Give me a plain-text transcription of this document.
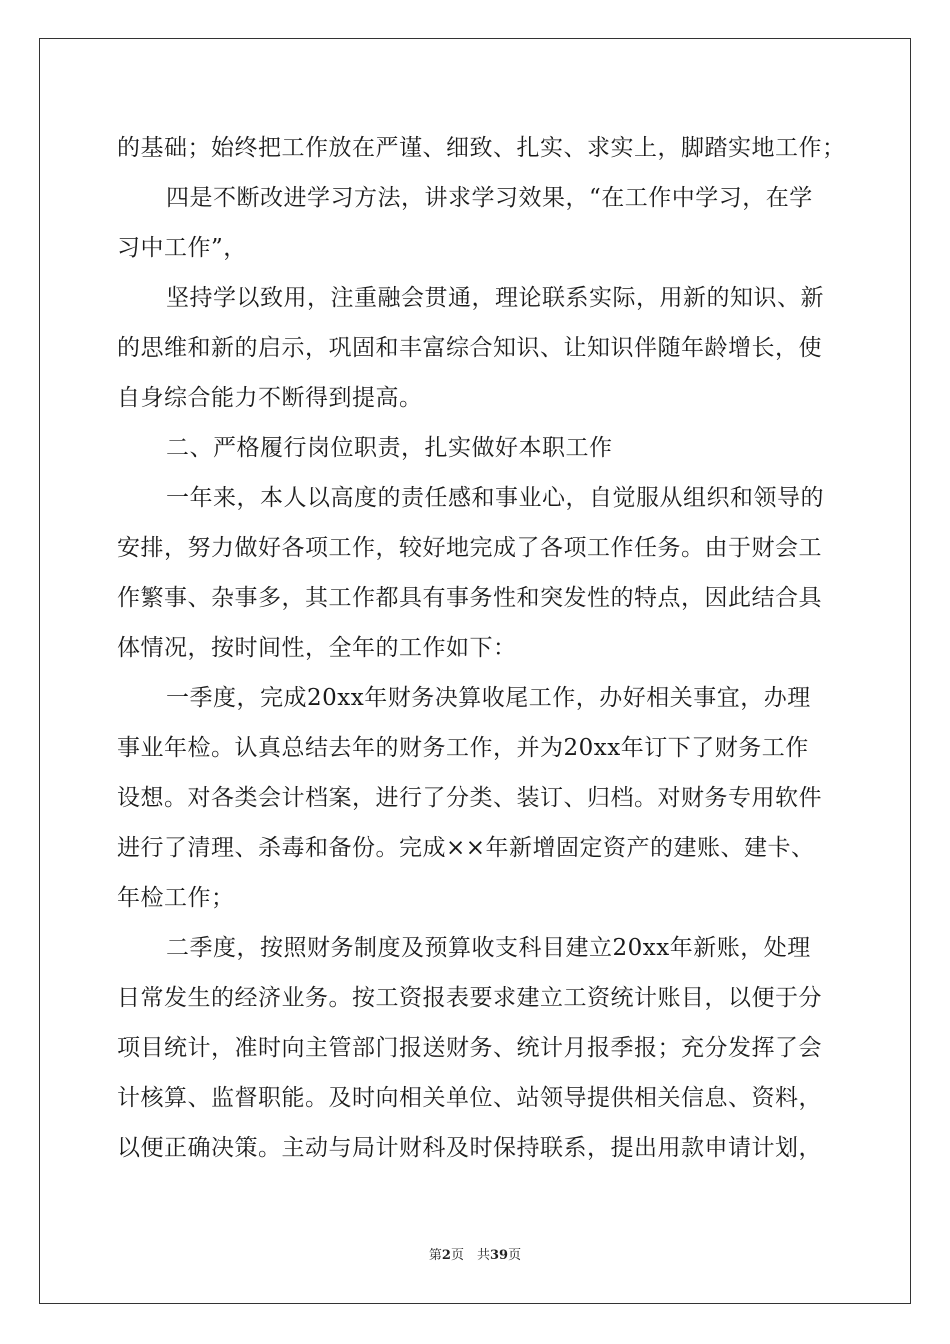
的基础；始终把工作放在严谨、细致、扎实、求实上，脚踏实地工作；
四是不断改进学习方法，讲求学习效果，“在工作中学习，在学
习中工作”，
坚持学以致用，注重融会贯通，理论联系实际，用新的知识、新
的思维和新的启示，巩固和丰富综合知识、让知识伴随年龄增长，使
自身综合能力不断得到提高。
二、严格履行岗位职责，扎实做好本职工作
一年来，本人以高度的责任感和事业心，自觉服从组织和领导的
安排，努力做好各项工作，较好地完成了各项工作任务。由于财会工
作繁事、杂事多，其工作都具有事务性和突发性的特点，因此结合具
体情况，按时间性，全年的工作如下：
一季度，完成20xx年财务决算收尾工作，办好相关事宜，办理
事业年检。认真总结去年的财务工作，并为20xx年订下了财务工作
设想。对各类会计档案，进行了分类、装订、归档。对财务专用软件
进行了清理、杀毒和备份。完成××年新增固定资产的建账、建卡、
年检工作；
二季度，按照财务制度及预算收支科目建立20xx年新账，处理
日常发生的经济业务。按工资报表要求建立工资统计账目，以便于分
项目统计，准时向主管部门报送财务、统计月报季报；充分发挥了会
计核算、监督职能。及时向相关单位、站领导提供相关信息、资料，
以便正确决策。主动与局计财科及时保持联系，提出用款申请计划，
第2页　共39页
